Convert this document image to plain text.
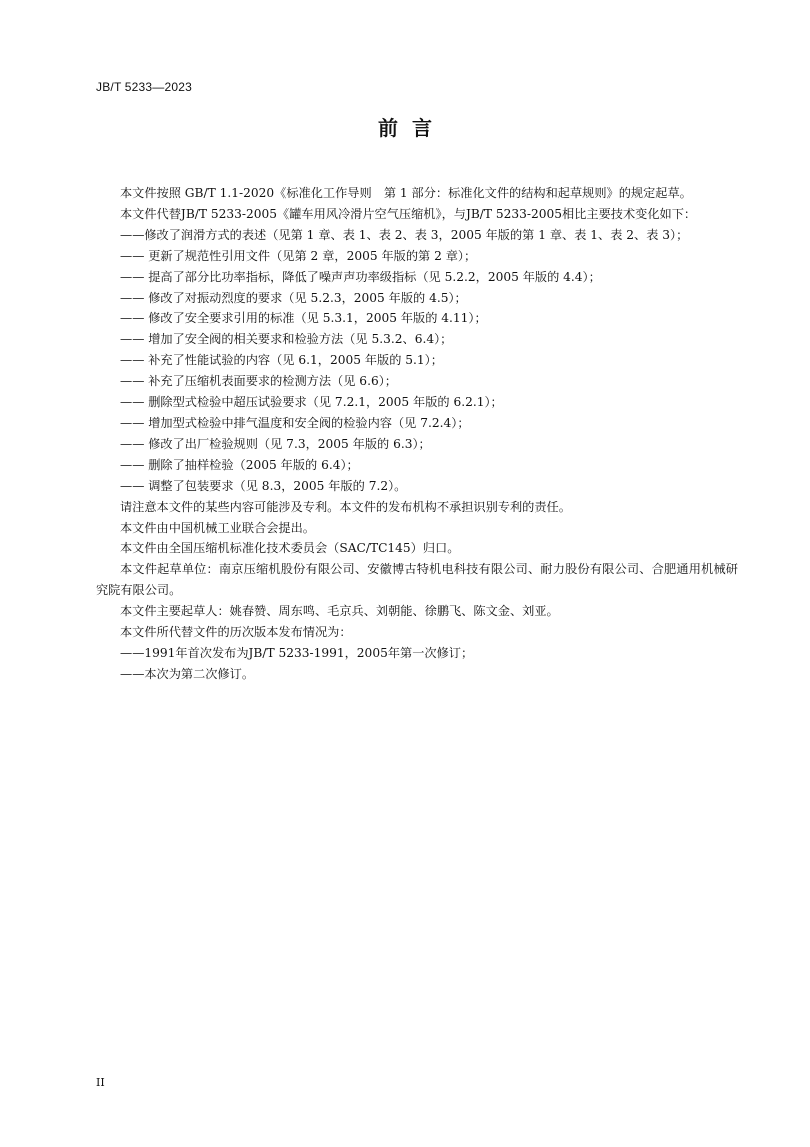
JB/T 5233—2023
前言

本文件按照 GB/T 1.1-2020《标准化工作导则　第 1 部分：标准化文件的结构和起草规则》的规定起草。

本文件代替JB/T 5233-2005《罐车用风冷滑片空气压缩机》，与JB/T 5233-2005相比主要技术变化如下：

——修改了润滑方式的表述（见第 1 章、表 1、表 2、表 3，2005 年版的第 1 章、表 1、表 2、表 3）；

—— 更新了规范性引用文件（见第 2 章，2005 年版的第 2 章）；

—— 提高了部分比功率指标，降低了噪声声功率级指标（见 5.2.2，2005 年版的 4.4）；

—— 修改了对振动烈度的要求（见 5.2.3，2005 年版的 4.5）；

—— 修改了安全要求引用的标准（见 5.3.1，2005 年版的 4.11）；

—— 增加了安全阀的相关要求和检验方法（见 5.3.2、6.4）；

—— 补充了性能试验的内容（见 6.1，2005 年版的 5.1）；

—— 补充了压缩机表面要求的检测方法（见 6.6）；

—— 删除型式检验中超压试验要求（见 7.2.1，2005 年版的 6.2.1）；

—— 增加型式检验中排气温度和安全阀的检验内容（见 7.2.4）；

—— 修改了出厂检验规则（见 7.3，2005 年版的 6.3）；

—— 删除了抽样检验（2005 年版的 6.4）；

—— 调整了包装要求（见 8.3，2005 年版的 7.2）。

请注意本文件的某些内容可能涉及专利。本文件的发布机构不承担识别专利的责任。

本文件由中国机械工业联合会提出。

本文件由全国压缩机标准化技术委员会（SAC/TC145）归口。

本文件起草单位：南京压缩机股份有限公司、安徽博古特机电科技有限公司、耐力股份有限公司、合肥通用机械研究院有限公司。

本文件主要起草人：姚春赞、周东鸣、毛京兵、刘朝能、徐鹏飞、陈文金、刘亚。

本文件所代替文件的历次版本发布情况为：

——1991年首次发布为JB/T 5233-1991，2005年第一次修订；

——本次为第二次修订。

II
